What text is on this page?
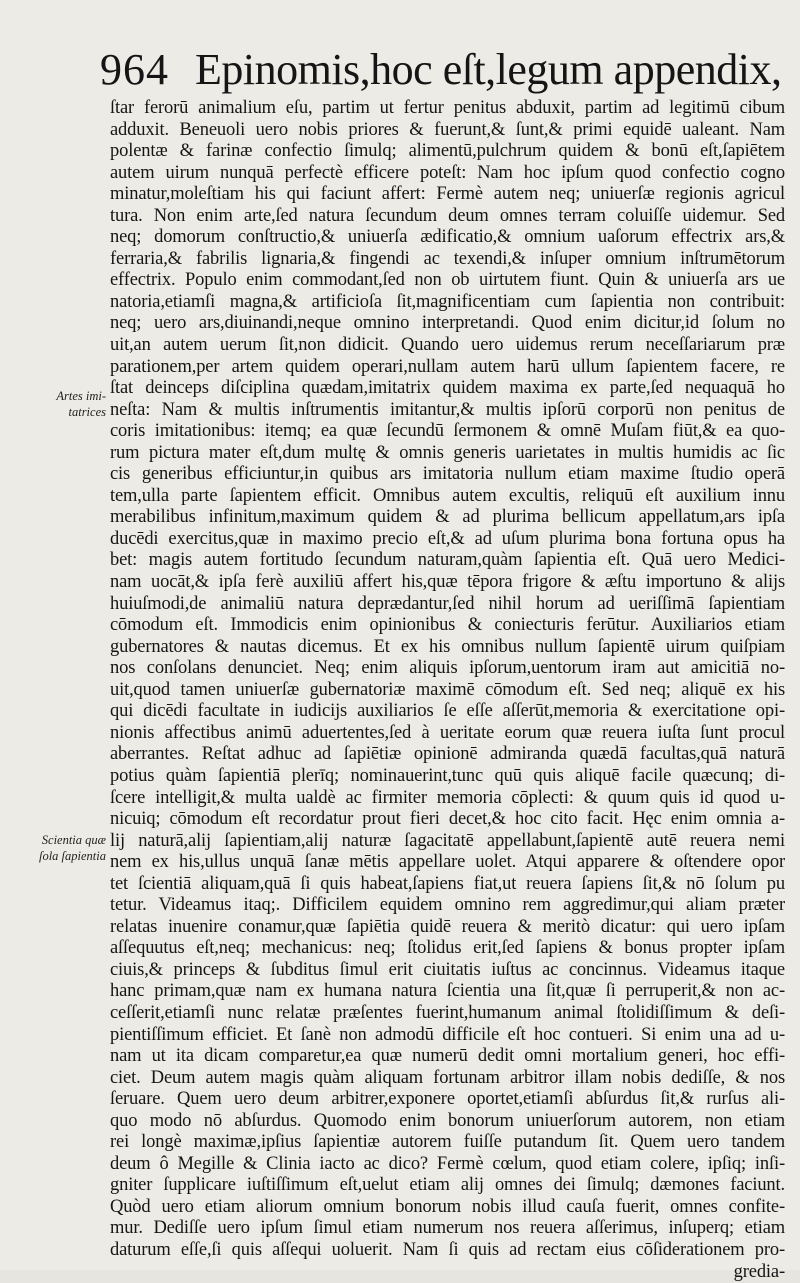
964 Epinomis,hoc eſt,legum appendix,
Artes imi-
tatrices
Scientia quæ
ſola ſapientia
ſtar ferorū animalium eſu, partim ut fertur penitus abduxit, partim ad legitimū cibum
adduxit. Beneuoli uero nobis priores & fuerunt,& ſunt,& primi equidē ualeant. Nam
polentæ & farinæ confectio ſimulq; alimentū,pulchrum quidem & bonū eſt,ſapiētem
autem uirum nunquā perfectè efficere poteſt: Nam hoc ipſum quod confectio cogno
minatur,moleſtiam his qui faciunt affert: Fermè autem neq; uniuerſæ regionis agricul
tura. Non enim arte,ſed natura ſecundum deum omnes terram coluiſſe uidemur. Sed
neq; domorum conſtructio,& uniuerſa ædificatio,& omnium uaſorum effectrix ars,&
ferraria,& fabrilis lignaria,& fingendi ac texendi,& inſuper omnium inſtrumētorum
effectrix. Populo enim commodant,ſed non ob uirtutem fiunt. Quin & uniuerſa ars ue
natoria,etiamſi magna,& artificioſa ſit,magnificentiam cum ſapientia non contribuit:
neq; uero ars,diuinandi,neque omnino interpretandi. Quod enim dicitur,id ſolum no
uit,an autem uerum ſit,non didicit. Quando uero uidemus rerum neceſſariarum præ
parationem,per artem quidem operari,nullam autem harū ullum ſapientem facere, re
ſtat deinceps diſciplina quædam,imitatrix quidem maxima ex parte,ſed nequaquā ho
neſta: Nam & multis inſtrumentis imitantur,& multis ipſorū corporū non penitus de
coris imitationibus: itemq; ea quæ ſecundū ſermonem & omnē Muſam fiūt,& ea quo-
rum pictura mater eſt,dum multę & omnis generis uarietates in multis humidis ac ſic
cis generibus efficiuntur,in quibus ars imitatoria nullum etiam maxime ſtudio operā
tem,ulla parte ſapientem efficit. Omnibus autem excultis, reliquū eſt auxilium innu
merabilibus infinitum,maximum quidem & ad plurima bellicum appellatum,ars ipſa
ducēdi exercitus,quæ in maximo precio eſt,& ad uſum plurima bona fortuna opus ha
bet: magis autem fortitudo ſecundum naturam,quàm ſapientia eſt. Quā uero Medici-
nam uocāt,& ipſa ferè auxiliū affert his,quæ tēpora frigore & æſtu importuno & alijs
huiuſmodi,de animaliū natura deprædantur,ſed nihil horum ad ueriſſimā ſapientiam
cōmodum eſt. Immodicis enim opinionibus & coniecturis ferūtur. Auxiliarios etiam
gubernatores & nautas dicemus. Et ex his omnibus nullum ſapientē uirum quiſpiam
nos conſolans denunciet. Neq; enim aliquis ipſorum,uentorum iram aut amicitiā no-
uit,quod tamen uniuerſæ gubernatoriæ maximē cōmodum eſt. Sed neq; aliquē ex his
qui dicēdi facultate in iudicijs auxiliarios ſe eſſe aſſerūt,memoria & exercitatione opi-
nionis affectibus animū aduertentes,ſed à ueritate eorum quæ reuera iuſta ſunt procul
aberrantes. Reſtat adhuc ad ſapiētiæ opinionē admiranda quædā facultas,quā naturā
potius quàm ſapientiā plerīq; nominauerint,tunc quū quis aliquē facile quæcunq; di-
ſcere intelligit,& multa ualdè ac firmiter memoria cōplecti: & quum quis id quod u-
nicuiq; cōmodum eſt recordatur prout fieri decet,& hoc cito facit. Hęc enim omnia a-
lij naturā,alij ſapientiam,alij naturæ ſagacitatē appellabunt,ſapientē autē reuera nemi
nem ex his,ullus unquā ſanæ mētis appellare uolet. Atqui apparere & oſtendere opor
tet ſcientiā aliquam,quā ſi quis habeat,ſapiens fiat,ut reuera ſapiens ſit,& nō ſolum pu
tetur. Videamus itaq;. Difficilem equidem omnino rem aggredimur,qui aliam præter
relatas inuenire conamur,quæ ſapiētia quidē reuera & meritò dicatur: qui uero ipſam
aſſequutus eſt,neq; mechanicus: neq; ſtolidus erit,ſed ſapiens & bonus propter ipſam
ciuis,& princeps & ſubditus ſimul erit ciuitatis iuſtus ac concinnus. Videamus itaque
hanc primam,quæ nam ex humana natura ſcientia una ſit,quæ ſi perruperit,& non ac-
ceſſerit,etiamſi nunc relatæ præſentes fuerint,humanum animal ſtolidiſſimum & deſi-
pientiſſimum efficiet. Et ſanè non admodū difficile eſt hoc contueri. Si enim una ad u-
nam ut ita dicam comparetur,ea quæ numerū dedit omni mortalium generi, hoc effi-
ciet. Deum autem magis quàm aliquam fortunam arbitror illam nobis dediſſe, & nos
ſeruare. Quem uero deum arbitrer,exponere oportet,etiamſi abſurdus ſit,& rurſus ali-
quo modo nō abſurdus. Quomodo enim bonorum uniuerſorum autorem, non etiam
rei longè maximæ,ipſius ſapientiæ autorem fuiſſe putandum ſit. Quem uero tandem
deum ô Megille & Clinia iacto ac dico? Fermè cœlum, quod etiam colere, ipſiq; inſi-
gniter ſupplicare iuſtiſſimum eſt,uelut etiam alij omnes dei ſimulq; dæmones faciunt.
Quòd uero etiam aliorum omnium bonorum nobis illud cauſa fuerit, omnes confite-
mur. Dediſſe uero ipſum ſimul etiam numerum nos reuera aſſerimus, inſuperq; etiam
daturum eſſe,ſi quis aſſequi uoluerit. Nam ſi quis ad rectam eius cōſiderationem pro-
gredia-
